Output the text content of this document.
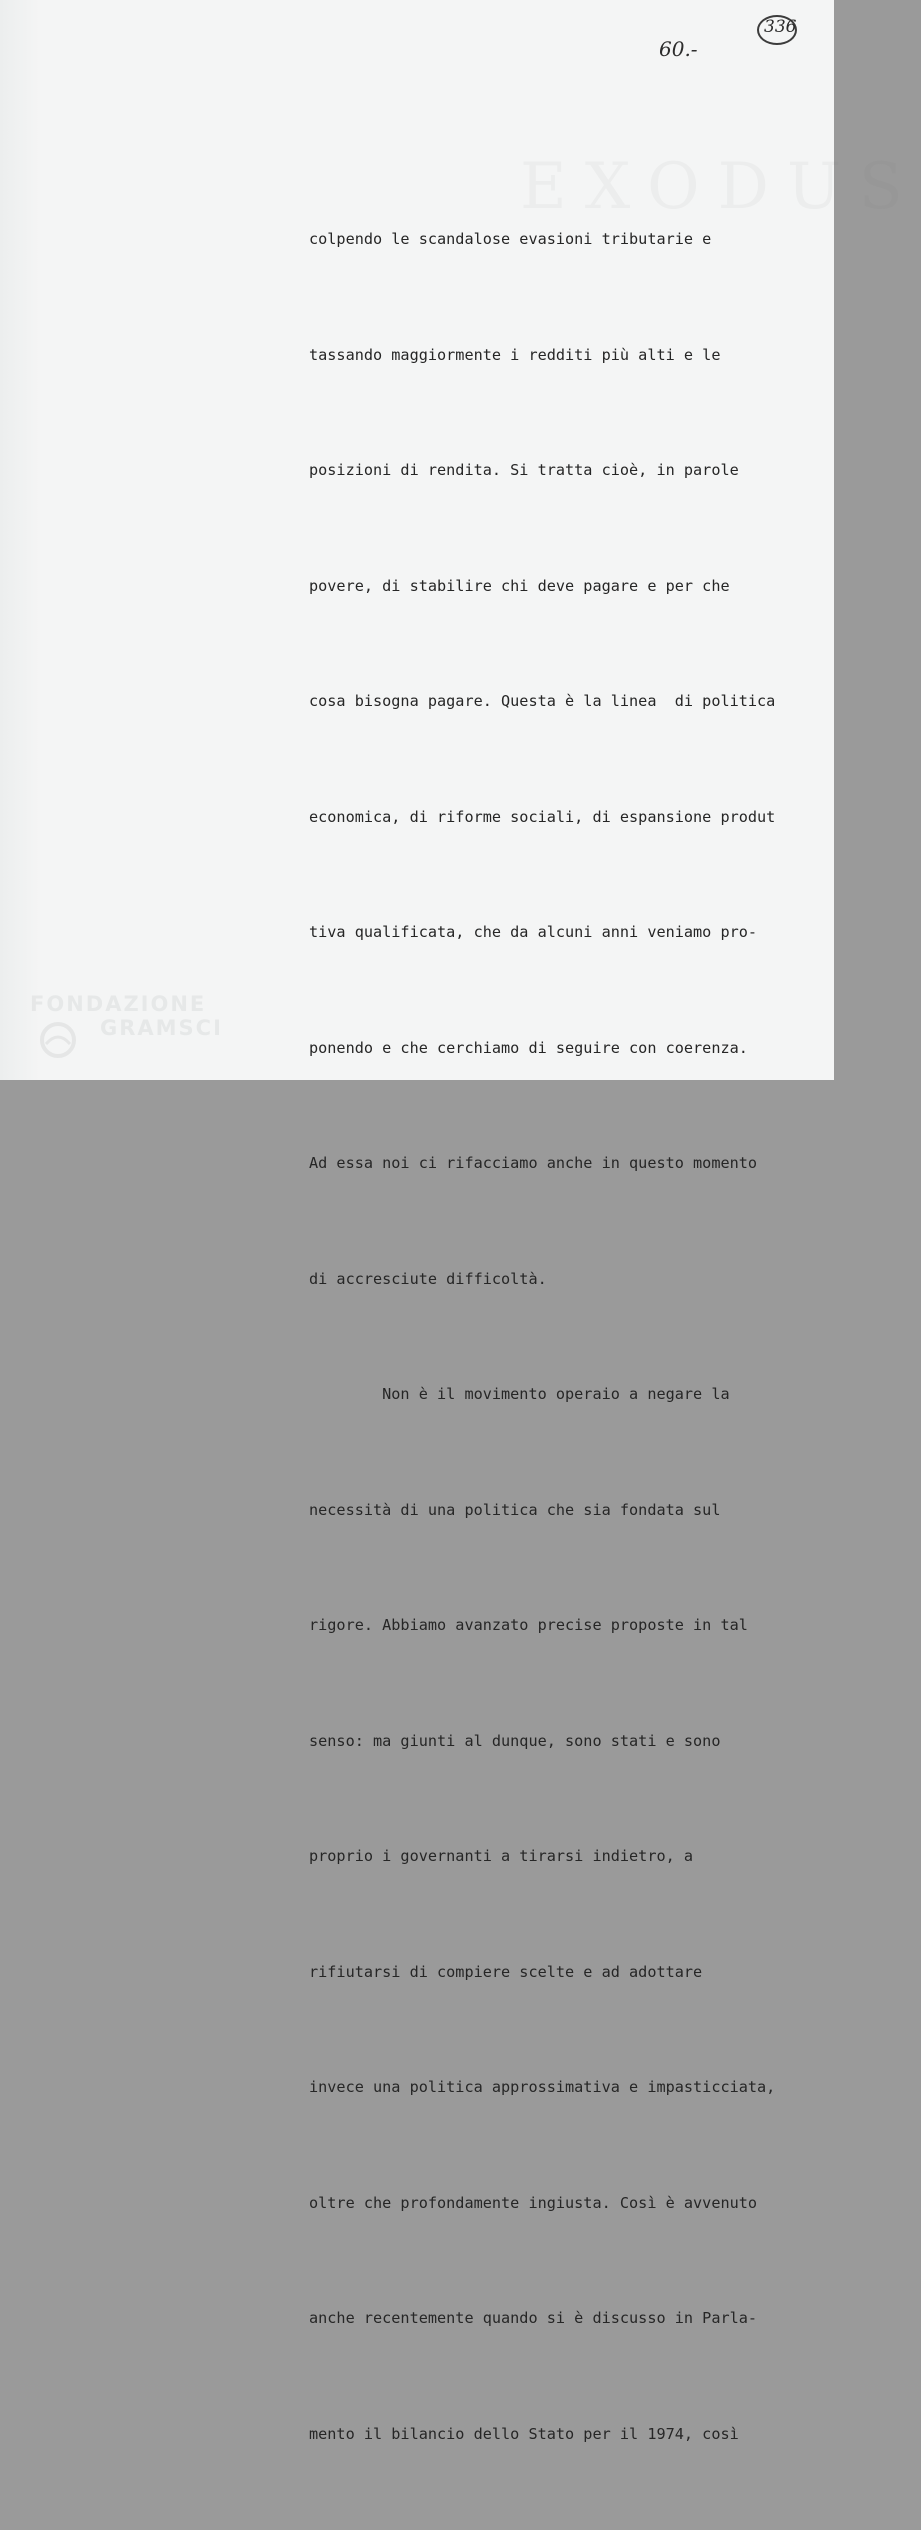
EXODUS
60.-
336

colpendo le scandalose evasioni tributarie e

tassando maggiormente i redditi più alti e le

posizioni di rendita. Si tratta cioè, in parole

povere, di stabilire chi deve pagare e per che

cosa bisogna pagare. Questa è la linea  di politica

economica, di riforme sociali, di espansione produt

tiva qualificata, che da alcuni anni veniamo pro-

ponendo e che cerchiamo di seguire con coerenza.

Ad essa noi ci rifacciamo anche in questo momento

di accresciute difficoltà.

Non è il movimento operaio a negare la

necessità di una politica che sia fondata sul

rigore. Abbiamo avanzato precise proposte in tal

senso: ma giunti al dunque, sono stati e sono

proprio i governanti a tirarsi indietro, a

rifiutarsi di compiere scelte e ad adottare

invece una politica approssimativa e impasticciata,

oltre che profondamente ingiusta. Così è avvenuto

anche recentemente quando si è discusso in Parla-

mento il bilancio dello Stato per il 1974, così

FONDAZIONE
GRAMSCI
